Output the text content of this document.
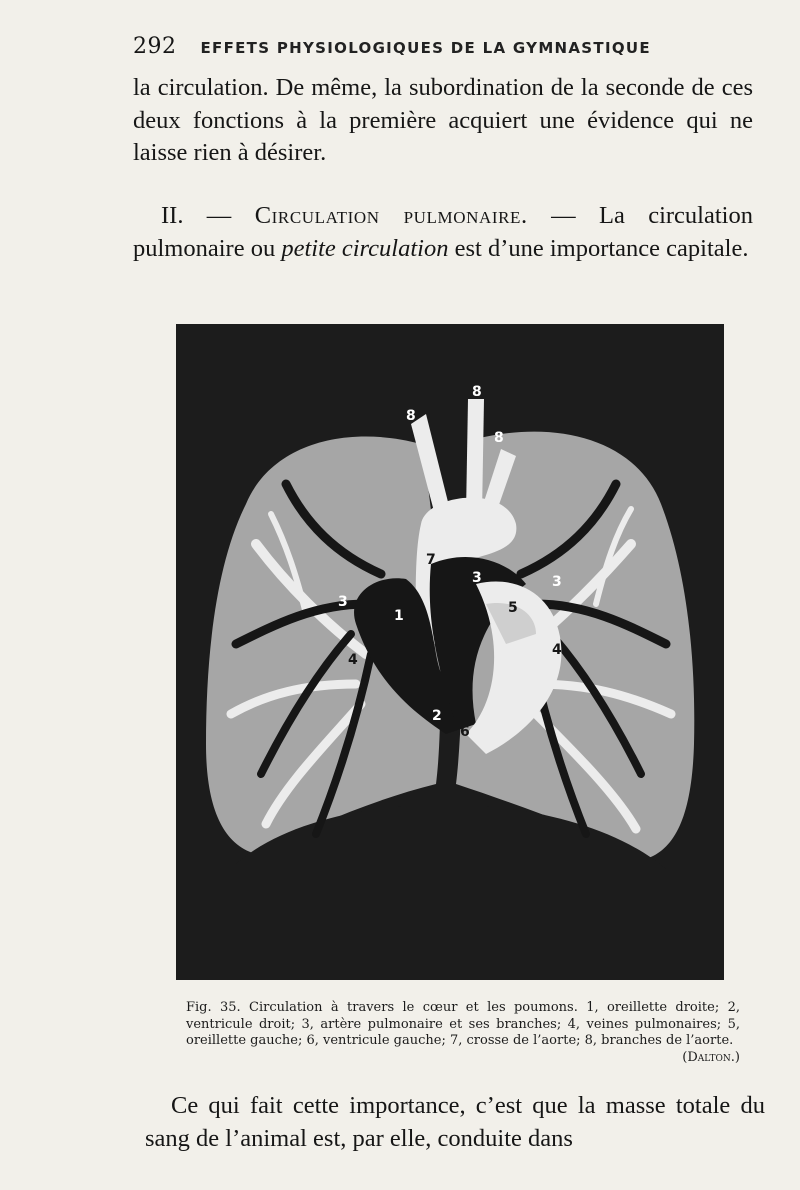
292 EFFETS PHYSIOLOGIQUES DE LA GYMNASTIQUE

la circulation. De même, la subordination de la seconde de ces deux fonctions à la première acquiert une évidence qui ne laisse rien à désirer.

II. — Circulation pulmonaire. — La circulation pulmonaire ou petite circulation est d’une importance capitale.

1
2
3
3	3
4
4
5
6
7
8
8
8
Fig. 35. Circulation à travers le cœur et les poumons. 1, oreillette droite; 2, ventricule droit; 3, artère pulmonaire et ses branches; 4, veines pulmonaires; 5, oreillette gauche; 6, ventricule gauche; 7, crosse de l’aorte; 8, branches de l’aorte.
(Dalton.)

Ce qui fait cette importance, c’est que la masse totale du sang de l’animal est, par elle, conduite dans
